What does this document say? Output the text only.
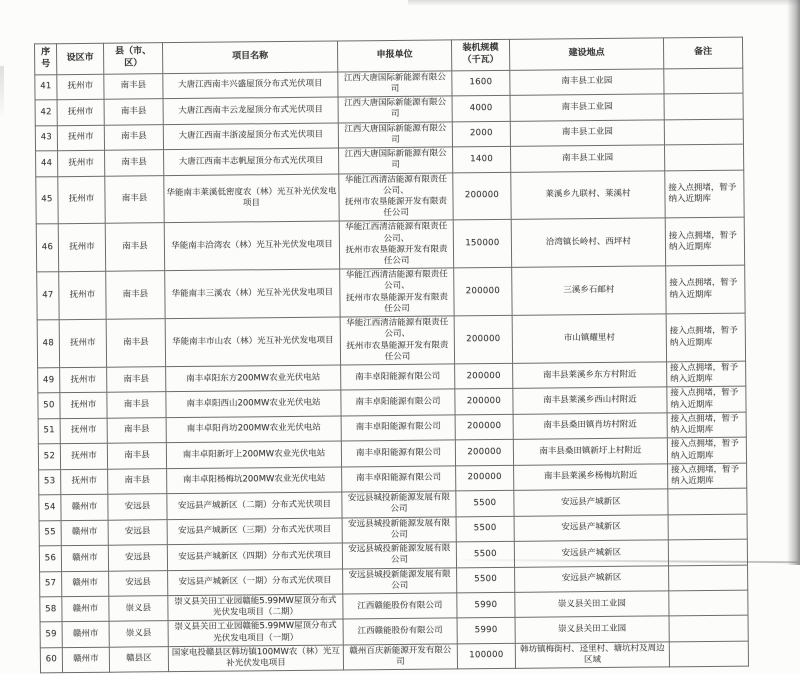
序
号	设区市	县（市、
区）	项目名称	申报单位	装机规模
（千瓦）	建设地点	备注
41	抚州市	南丰县	大唐江西南丰兴盛屋顶分布式光伏项目	江西大唐国际新能源有限公司	1600	南丰县工业园	
42	抚州市	南丰县	大唐江西南丰云龙屋顶分布式光伏项目	江西大唐国际新能源有限公司	4000	南丰县工业园	
43	抚州市	南丰县	大唐江西南丰浙凌屋顶分布式光伏项目	江西大唐国际新能源有限公司	2000	南丰县工业园	
44	抚州市	南丰县	大唐江西南丰志帆屋顶分布式光伏项目	江西大唐国际新能源有限公司	1400	南丰县工业园	
45	抚州市	南丰县	华能南丰莱溪低密度农（林）光互补光伏发电项目	华能江西清洁能源有限责任公司、
抚州市农垦能源开发有限责任公司	200000	莱溪乡九联村、莱溪村	接入点拥堵，暂予纳入近期库
46	抚州市	南丰县	华能南丰洽湾农（林）光互补光伏发电项目	华能江西清洁能源有限责任公司、
抚州市农垦能源开发有限责任公司	150000	洽湾镇长岭村、西坪村	接入点拥堵，暂予纳入近期库
47	抚州市	南丰县	华能南丰三溪农（林）光互补光伏发电项目	华能江西清洁能源有限责任公司、
抚州市农垦能源开发有限责任公司	200000	三溪乡石邮村	接入点拥堵，暂予纳入近期库
48	抚州市	南丰县	华能南丰市山农（林）光互补光伏发电项目	华能江西清洁能源有限责任公司、
抚州市农垦能源开发有限责任公司	200000	市山镇耀里村	接入点拥堵，暂予纳入近期库
49	抚州市	南丰县	南丰卓阳东方200MW农业光伏电站	南丰卓阳能源有限公司	200000	南丰县莱溪乡东方村附近	接入点拥堵，暂予纳入近期库
50	抚州市	南丰县	南丰卓阳西山200MW农业光伏电站	南丰卓阳能源有限公司	200000	南丰县莱溪乡西山村附近	接入点拥堵，暂予纳入近期库
51	抚州市	南丰县	南丰卓阳肖坊200MW农业光伏电站	南丰卓阳能源有限公司	200000	南丰县桑田镇肖坊村附近	接入点拥堵，暂予纳入近期库
52	抚州市	南丰县	南丰卓阳新圩上200MW农业光伏电站	南丰卓阳能源有限公司	200000	南丰县桑田镇新圩上村附近	接入点拥堵，暂予纳入近期库
53	抚州市	南丰县	南丰卓阳杨梅坑200MW农业光伏电站	南丰卓阳能源有限公司	200000	南丰县莱溪乡杨梅坑附近	接入点拥堵，暂予纳入近期库
54	赣州市	安远县	安远县产城新区（二期）分布式光伏项目	安远县城投新能源发展有限公司	5500	安远县产城新区	
55	赣州市	安远县	安远县产城新区（三期）分布式光伏项目	安远县城投新能源发展有限公司	5500	安远县产城新区	
56	赣州市	安远县	安远县产城新区（四期）分布式光伏项目	安远县城投新能源发展有限公司	5500	安远县产城新区	
57	赣州市	安远县	安远县产城新区（一期）分布式光伏项目	安远县城投新能源发展有限公司	5500	安远县产城新区	
58	赣州市	崇义县	崇义县关田工业园赣能5.99MW屋顶分布式光伏发电项目（二期）	江西赣能股份有限公司	5990	崇义县关田工业园	
59	赣州市	崇义县	崇义县关田工业园赣能5.99MW屋顶分布式光伏发电项目（一期）	江西赣能股份有限公司	5990	崇义县关田工业园	
60	赣州市	赣县区	国家电投赣县区韩坊镇100MW农（林）光互补光伏发电项目	赣州百庆新能源开发有限公司	100000	韩坊镇梅街村、迳里村、塘坑村及周边区域	
